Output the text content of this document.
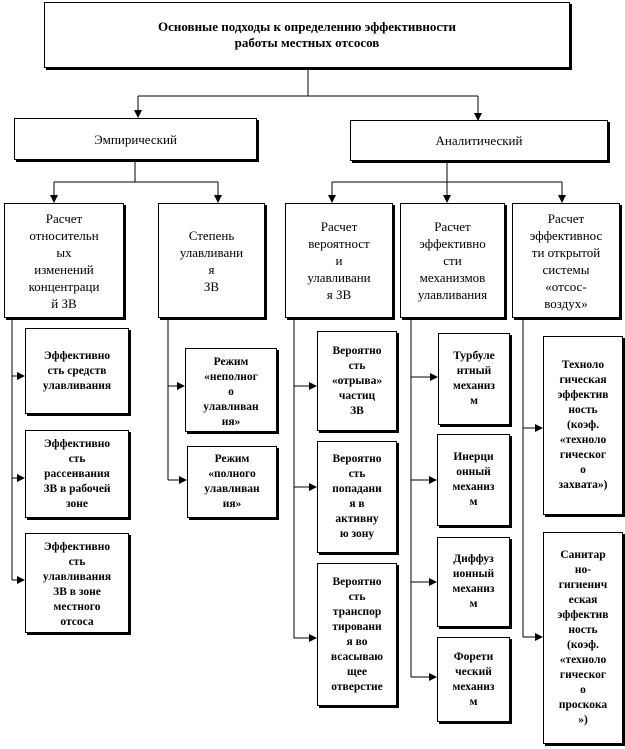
Основные подходы к определению эффективности
работы местных отсосов
Эмпирический	Аналитический
Расчет
относительн
ых
изменений
концентраци
й ЗВ
Степень
улавливани
я
ЗВ
Расчет
вероятност
и
улавливани
я ЗВ
Расчет
эффективно
сти
механизмов
улавливания
Расчет
эффективнос
ти открытой
системы
«отсос-
воздух»
Эффективно
сть средств
улавливания
Эффективно
сть
рассеивания
ЗВ в рабочей
зоне
Эффективно
сть
улавливания
ЗВ в зоне
местного
отсоса
Режим
«неполног
о
улавливан
ия»
Режим
«полного
улавливан
ия»
Вероятно
сть
«отрыва»
частиц
ЗВ
Вероятно
сть
попадани
я в
активну
ю зону
Вероятно
сть
транспор
тировани
я во
всасываю
щее
отверстие
Турбуле
нтный
механиз
м
Инерци
онный
механиз
м
Диффуз
ионный
механиз
м
Форети
ческий
механиз
м
Техноло
гическая
эффектив
ность
(коэф.
«техноло
гическог
о
захвата»)
Санитар
но-
гигиенич
еская
эффектив
ность
(коэф.
«техноло
гическог
о
проскока
»)
